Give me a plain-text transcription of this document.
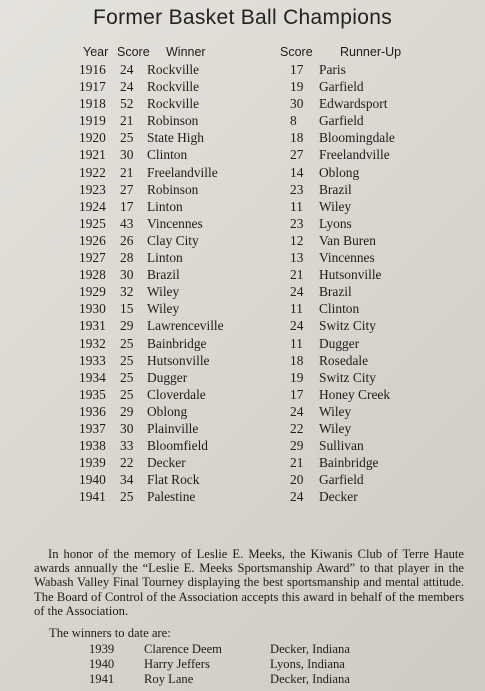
Former Basket Ball Champions
Year Score Winner	Score Runner-Up
1916 24 Rockville	17 Paris
1917 24 Rockville	19 Garfield
1918 52 Rockville	30 Edwardsport
1919 21 Robinson	8 Garfield
1920 25 State High	18 Bloomingdale
1921 30 Clinton	27 Freelandville
1922 21 Freelandville	14 Oblong
1923 27 Robinson	23 Brazil
1924 17 Linton	11 Wiley
1925 43 Vincennes	23 Lyons
1926 26 Clay City	12 Van Buren
1927 28 Linton	13 Vincennes
1928 30 Brazil	21 Hutsonville
1929 32 Wiley	24 Brazil
1930 15 Wiley	11 Clinton
1931 29 Lawrenceville	24 Switz City
1932 25 Bainbridge	11 Dugger
1933 25 Hutsonville	18 Rosedale
1934 25 Dugger	19 Switz City
1935 25 Cloverdale	17 Honey Creek
1936 29 Oblong	24 Wiley
1937 30 Plainville	22 Wiley
1938 33 Bloomfield	29 Sullivan
1939 22 Decker	21 Bainbridge
1940 34 Flat Rock	20 Garfield
1941 25 Palestine	24 Decker
In honor of the memory of Leslie E. Meeks, the Kiwanis Club of Terre Haute awards annually the “Leslie E. Meeks Sportsmanship Award” to that player in the Wabash Valley Final Tourney displaying the best sportsmanship and mental attitude. The Board of Control of the Association accepts this award in behalf of the members of the Association.
The winners to date are:
1939 Clarence Deem	Decker, Indiana
1940 Harry Jeffers	Lyons, Indiana
1941 Roy Lane	Decker, Indiana
